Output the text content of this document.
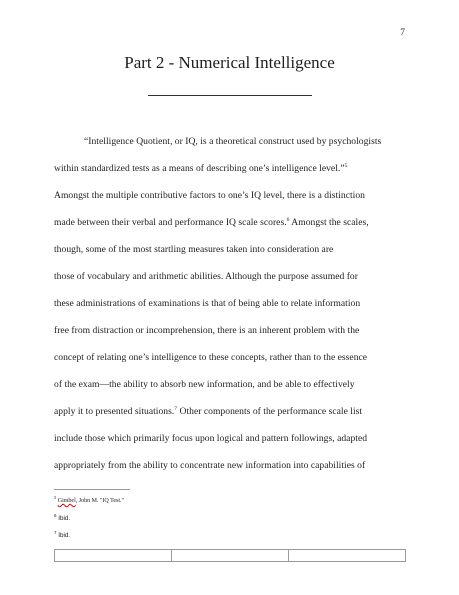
7
Part 2 - Numerical Intelligence
“Intelligence Quotient, or IQ, is a theoretical construct used by psychologists
within standardized tests as a means of describing one’s intelligence level.”$^5$
Amongst the multiple contributive factors to one’s IQ level, there is a distinction
made between their verbal and performance IQ scale scores.$^6$ Amongst the scales,
though, some of the most startling measures taken into consideration are
those of vocabulary and arithmetic abilities. Although the purpose assumed for
these administrations of examinations is that of being able to relate information
free from distraction or incomprehension, there is an inherent problem with the
concept of relating one’s intelligence to these concepts, rather than to the essence
of the exam—the ability to absorb new information, and be able to effectively
apply it to presented situations.$^7$ Other components of the performance scale list
include those which primarily focus upon logical and pattern followings, adapted
appropriately from the ability to concentrate new information into capabilities of
$^5$ Gimbel, John M. "IQ Test."
$^6$ Ibid.
$^7$ Ibid.
